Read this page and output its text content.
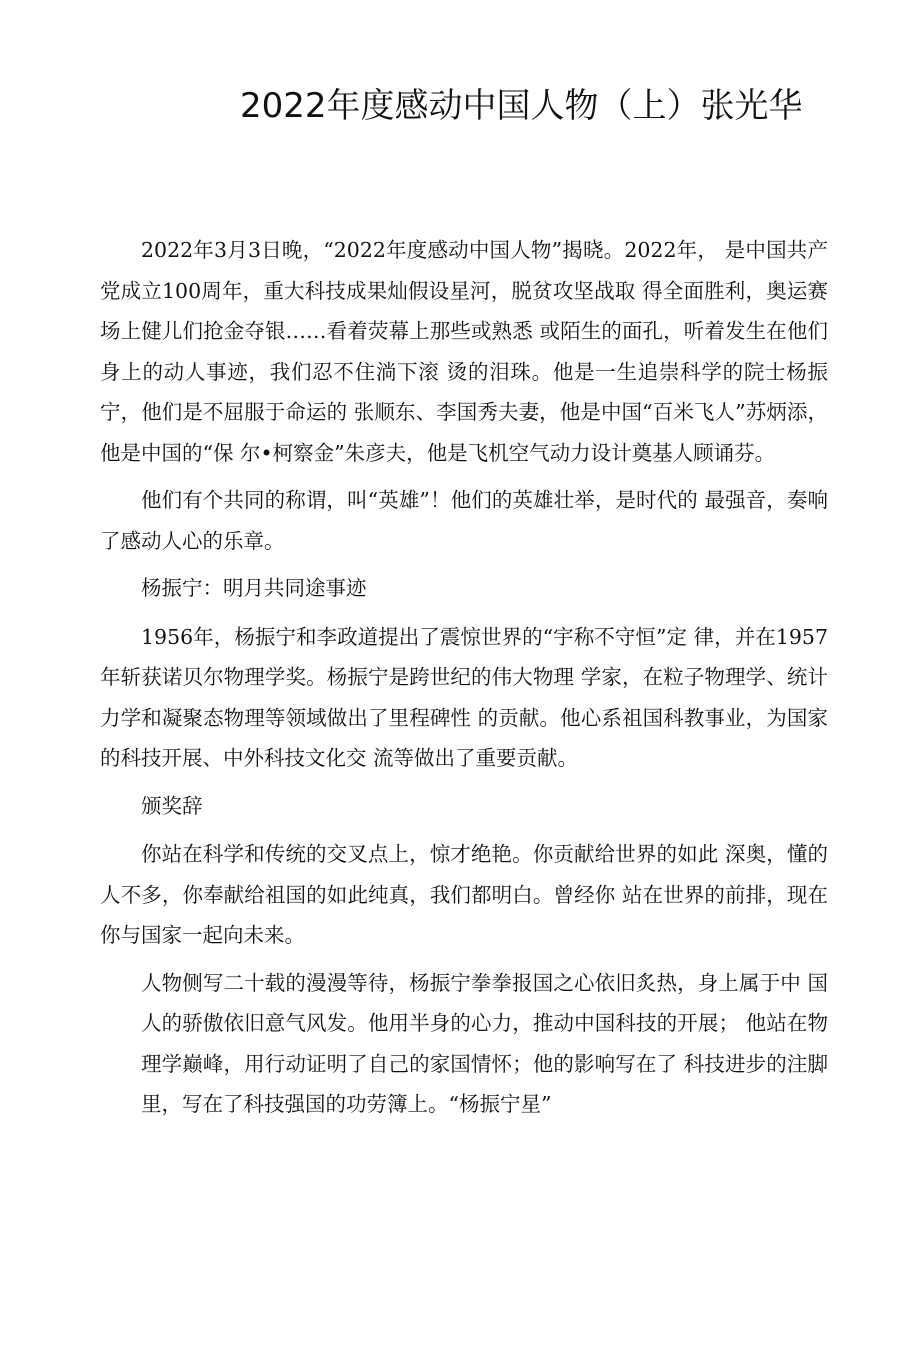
2022年度感动中国人物（上）张光华

2022年3月3日晚，“2022年度感动中国人物”揭晓。2022年， 是中国共产党成立100周年，重大科技成果灿假设星河，脱贫攻坚战取 得全面胜利，奥运赛场上健儿们抢金夺银……看着荧幕上那些或熟悉 或陌生的面孔，听着发生在他们身上的动人事迹，我们忍不住淌下滚 烫的泪珠。他是一生追崇科学的院士杨振宁，他们是不屈服于命运的 张顺东、李国秀夫妻，他是中国“百米飞人”苏炳添，他是中国的“保 尔•柯察金”朱彦夫，他是飞机空气动力设计奠基人顾诵芬。

他们有个共同的称谓，叫“英雄”！他们的英雄壮举，是时代的 最强音，奏响了感动人心的乐章。

杨振宁：明月共同途事迹

1956年，杨振宁和李政道提出了震惊世界的“宇称不守恒”定 律，并在1957年斩获诺贝尔物理学奖。杨振宁是跨世纪的伟大物理 学家，在粒子物理学、统计力学和凝聚态物理等领域做出了里程碑性 的贡献。他心系祖国科教事业，为国家的科技开展、中外科技文化交 流等做出了重要贡献。

颁奖辞

你站在科学和传统的交叉点上，惊才绝艳。你贡献给世界的如此 深奥，懂的人不多，你奉献给祖国的如此纯真，我们都明白。曾经你 站在世界的前排，现在你与国家一起向未来。

人物侧写二十载的漫漫等待，杨振宁拳拳报国之心依旧炙热，身上属于中 国人的骄傲依旧意气风发。他用半身的心力，推动中国科技的开展； 他站在物理学巅峰，用行动证明了自己的家国情怀；他的影响写在了 科技进步的注脚里，写在了科技强国的功劳簿上。“杨振宁星”
